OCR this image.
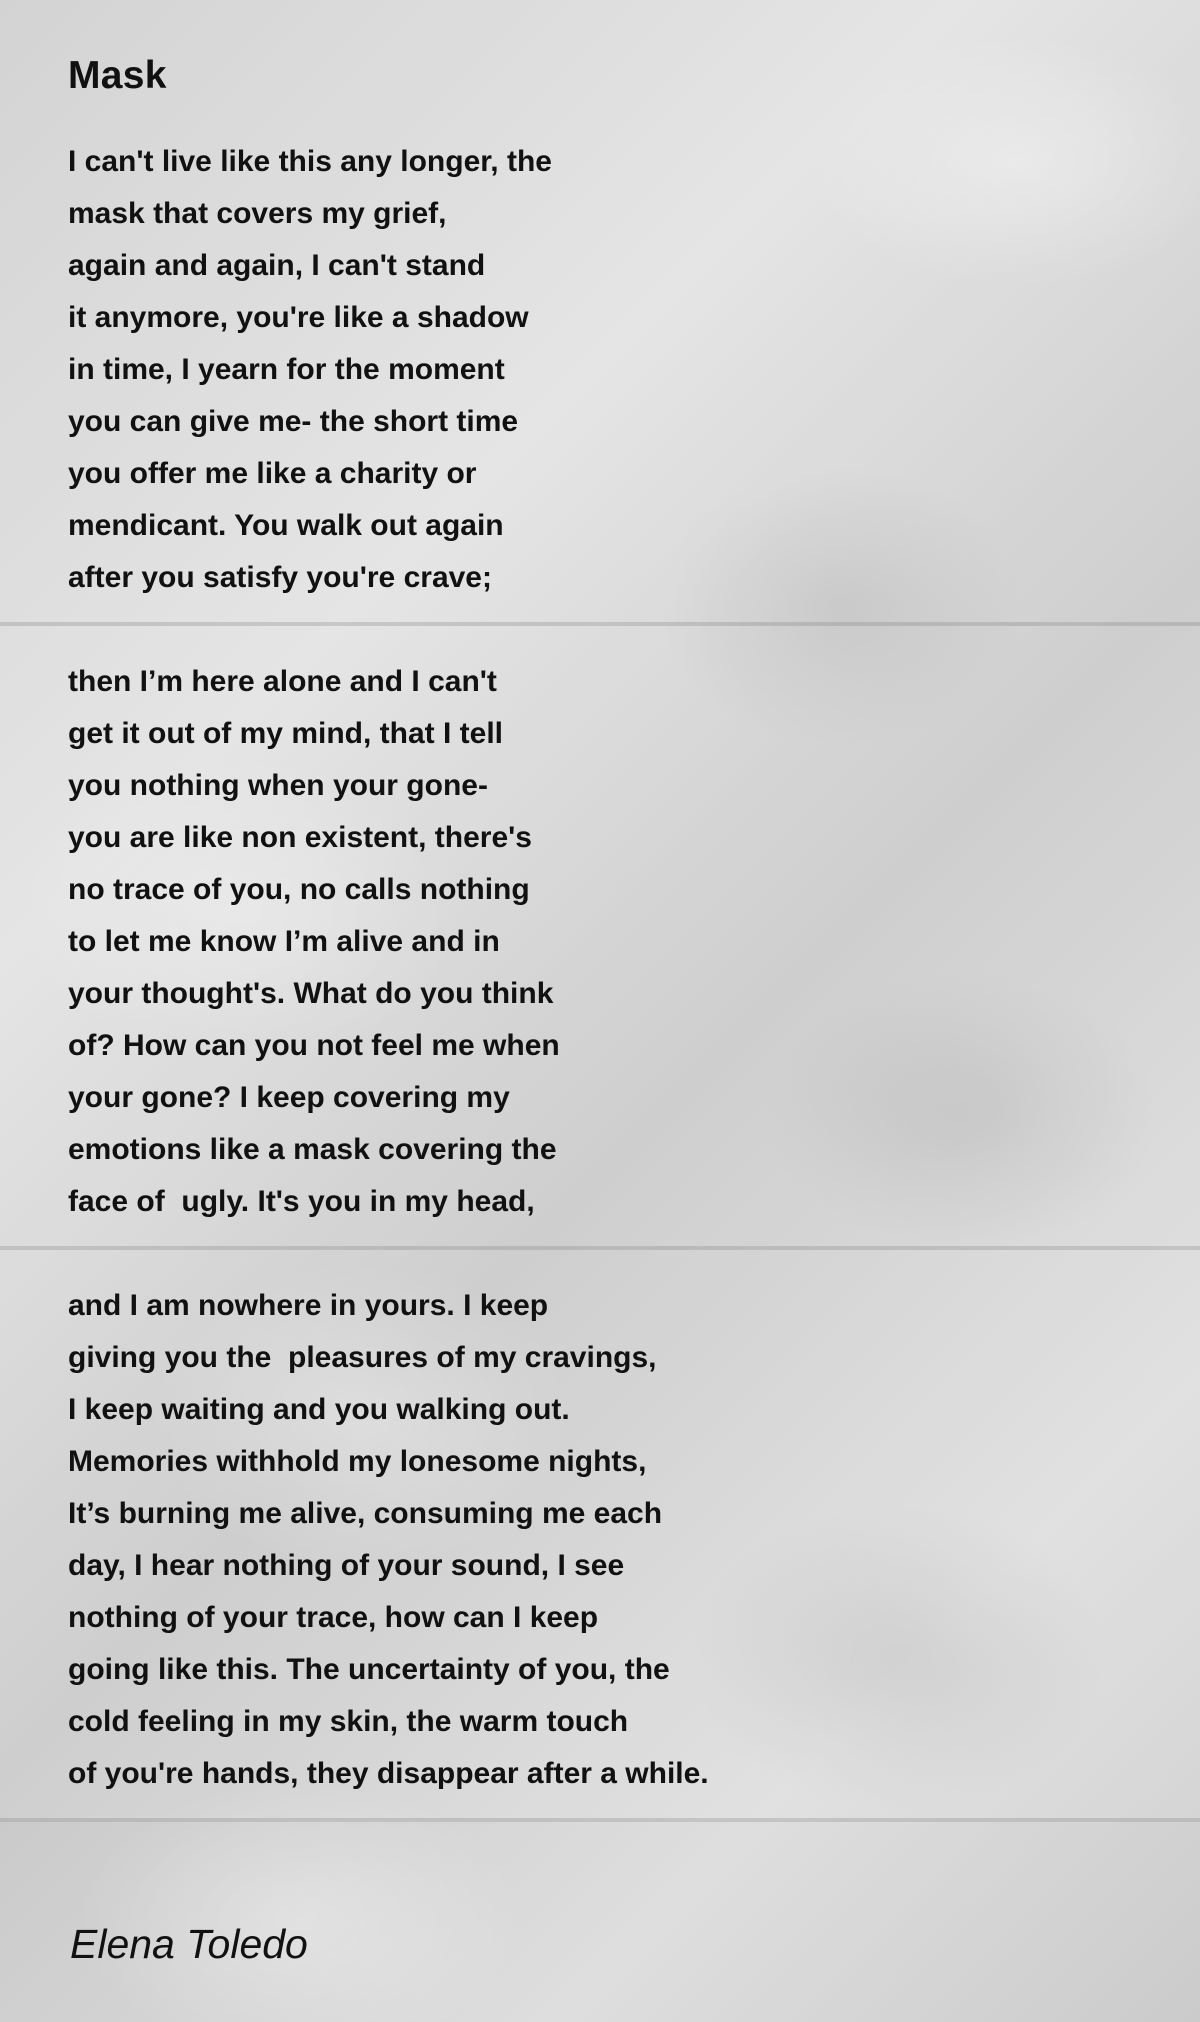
Mask
I can't live like this any longer, the
mask that covers my grief,
again and again, I can't stand
it anymore, you're like a shadow
in time, I yearn for the moment
you can give me- the short time
you offer me like a charity or
mendicant. You walk out again
after you satisfy you're crave;
then I’m here alone and I can't
get it out of my mind, that I tell
you nothing when your gone-
you are like non existent, there's
no trace of you, no calls nothing
to let me know I’m alive and in
your thought's. What do you think
of? How can you not feel me when
your gone? I keep covering my
emotions like a mask covering the
face of  ugly. It's you in my head,
and I am nowhere in yours. I keep
giving you the  pleasures of my cravings,
I keep waiting and you walking out.
Memories withhold my lonesome nights,
It’s burning me alive, consuming me each
day, I hear nothing of your sound, I see
nothing of your trace, how can I keep
going like this. The uncertainty of you, the
cold feeling in my skin, the warm touch
of you're hands, they disappear after a while.
Elena Toledo
